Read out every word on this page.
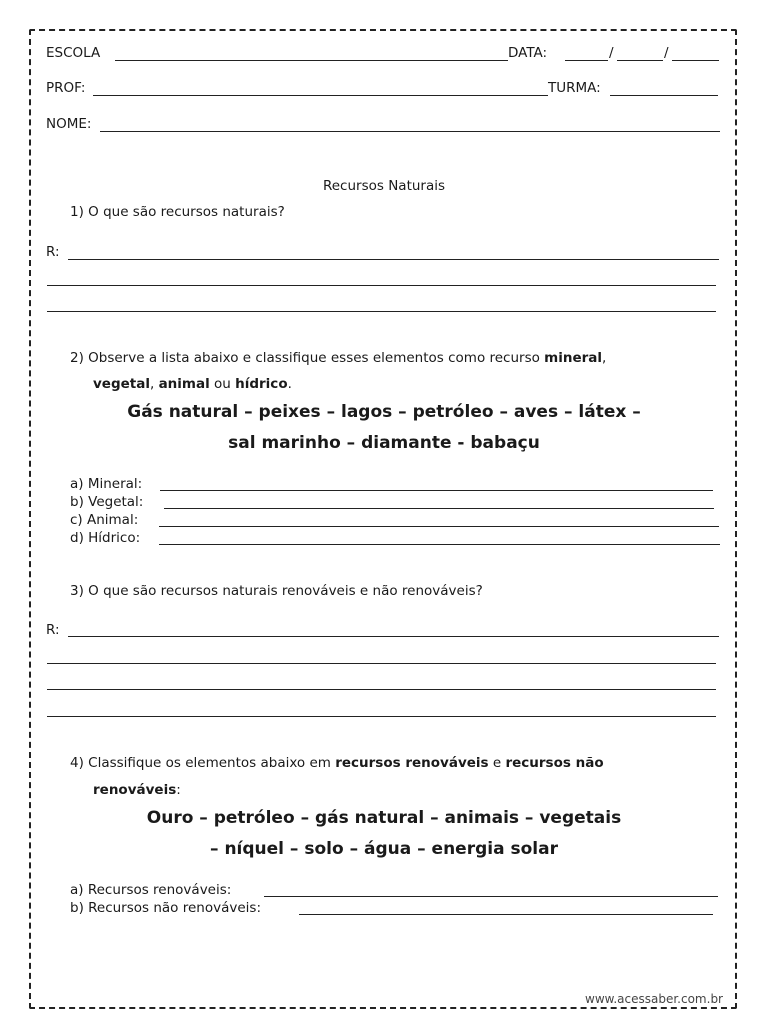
ESCOLA	DATA:	/	/
PROF:	TURMA:
NOME:
Recursos Naturais
1) O que são recursos naturais?
R:
2) Observe a lista abaixo e classifique esses elementos como recurso mineral,
vegetal, animal ou hídrico.
Gás natural – peixes – lagos – petróleo – aves – látex –
sal marinho – diamante - babaçu
a) Mineral:
b) Vegetal:
c) Animal:
d) Hídrico:
3) O que são recursos naturais renováveis e não renováveis?
R:
4) Classifique os elementos abaixo em recursos renováveis e recursos não
renováveis:
Ouro – petróleo – gás natural – animais – vegetais
– níquel – solo – água – energia solar
a) Recursos renováveis:
b) Recursos não renováveis:
www.acessaber.com.br
